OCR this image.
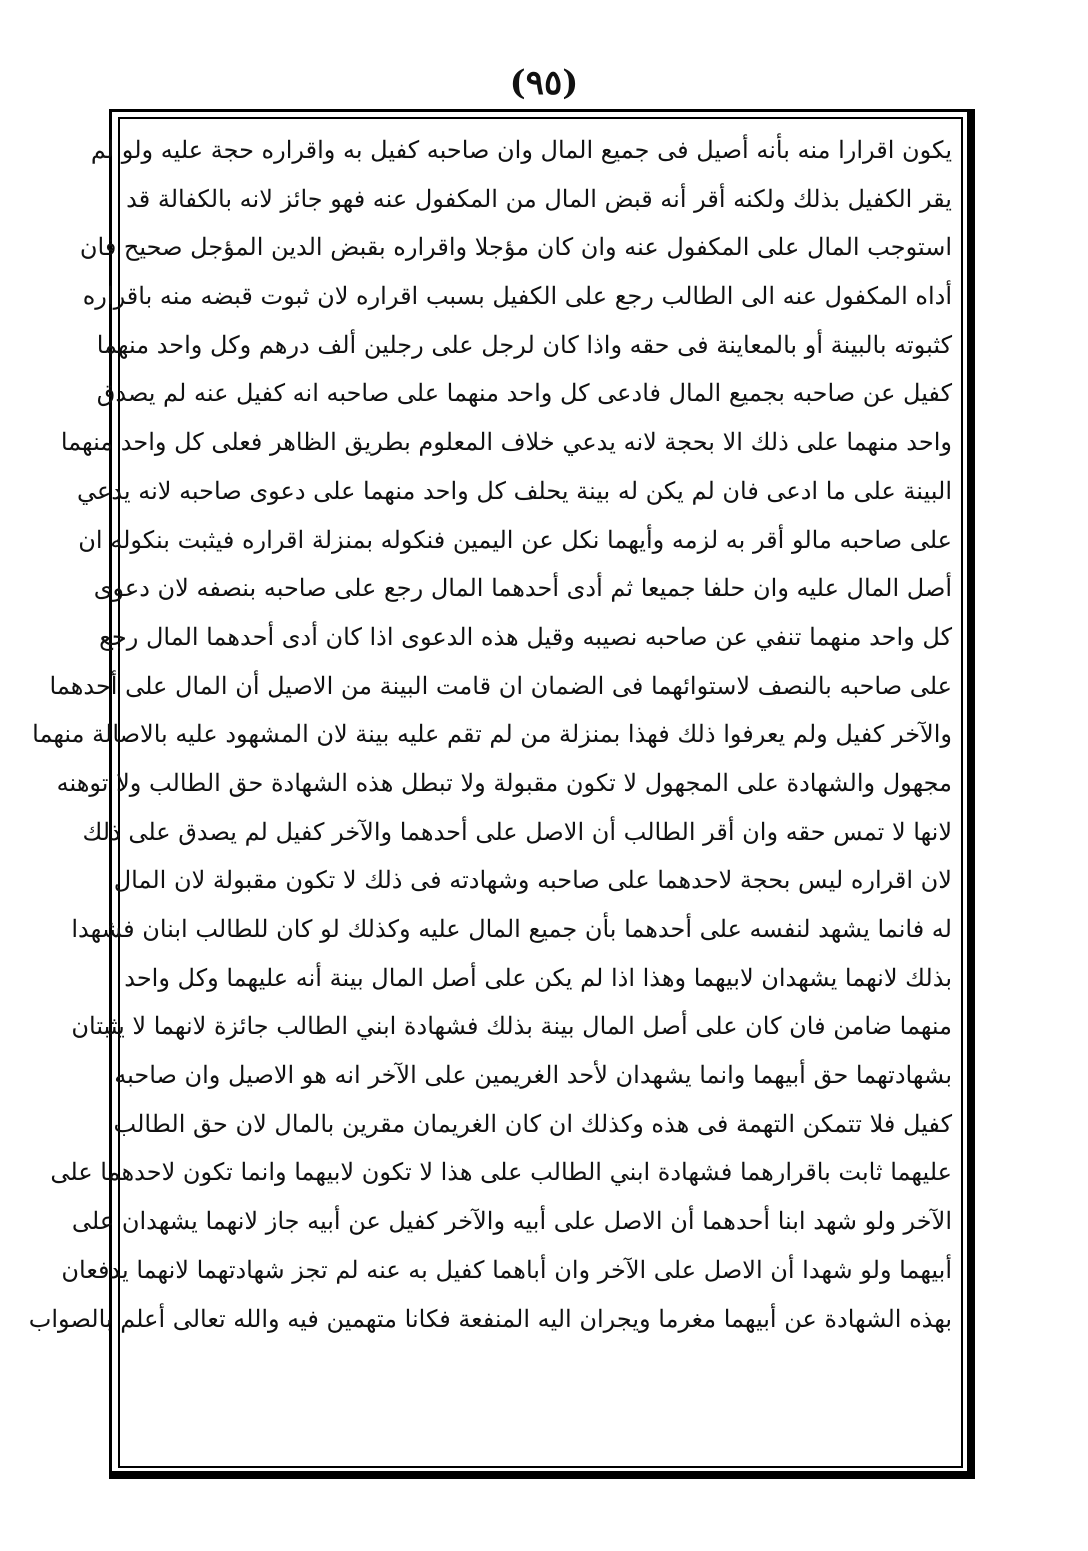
(٩٥)
يكون اقرارا منه بأنه أصيل فى جميع المال وان صاحبه كفيل به واقراره حجة عليه ولو لم
يقر الكفيل بذلك ولكنه أقر أنه قبض المال من المكفول عنه فهو جائز لانه بالكفالة قد
استوجب المال على المكفول عنه وان كان مؤجلا واقراره بقبض الدين المؤجل صحيح فان
أداه المكفول عنه الى الطالب رجع على الكفيل بسبب اقراره لان ثبوت قبضه منه باقراره
كثبوته بالبينة أو بالمعاينة فى حقه واذا كان لرجل على رجلين ألف درهم وكل واحد منهما
كفيل عن صاحبه بجميع المال فادعى كل واحد منهما على صاحبه انه كفيل عنه لم يصدق
واحد منهما على ذلك الا بحجة لانه يدعي خلاف المعلوم بطريق الظاهر فعلى كل واحد منهما
البينة على ما ادعى فان لم يكن له بينة يحلف كل واحد منهما على دعوى صاحبه لانه يدعي
على صاحبه مالو أقر به لزمه وأيهما نكل عن اليمين فنكوله بمنزلة اقراره فيثبت بنكوله ان
أصل المال عليه وان حلفا جميعا ثم أدى أحدهما المال رجع على صاحبه بنصفه لان دعوى
كل واحد منهما تنفي عن صاحبه نصيبه وقيل هذه الدعوى اذا كان أدى أحدهما المال رجع
على صاحبه بالنصف لاستوائهما فى الضمان ان قامت البينة من الاصيل أن المال على أحدهما
والآخر كفيل ولم يعرفوا ذلك فهذا بمنزلة من لم تقم عليه بينة لان المشهود عليه بالاصالة منهما
مجهول والشهادة على المجهول لا تكون مقبولة ولا تبطل هذه الشهادة حق الطالب ولا توهنه
لانها لا تمس حقه وان أقر الطالب أن الاصل على أحدهما والآخر كفيل لم يصدق على ذلك
لان اقراره ليس بحجة لاحدهما على صاحبه وشهادته فى ذلك لا تكون مقبولة لان المال
له فانما يشهد لنفسه على أحدهما بأن جميع المال عليه وكذلك لو كان للطالب ابنان فشهدا
بذلك لانهما يشهدان لابيهما وهذا اذا لم يكن على أصل المال بينة أنه عليهما وكل واحد
منهما ضامن فان كان على أصل المال بينة بذلك فشهادة ابني الطالب جائزة لانهما لا يثبتان
بشهادتهما حق أبيهما وانما يشهدان لأحد الغريمين على الآخر انه هو الاصيل وان صاحبه
كفيل فلا تتمكن التهمة فى هذه وكذلك ان كان الغريمان مقرين بالمال لان حق الطالب
عليهما ثابت باقرارهما فشهادة ابني الطالب على هذا لا تكون لابيهما وانما تكون لاحدهما على
الآخر ولو شهد ابنا أحدهما أن الاصل على أبيه والآخر كفيل عن أبيه جاز لانهما يشهدان على
أبيهما ولو شهدا أن الاصل على الآخر وان أباهما كفيل به عنه لم تجز شهادتهما لانهما يدفعان
بهذه الشهادة عن أبيهما مغرما ويجران اليه المنفعة فكانا متهمين فيه والله تعالى أعلم بالصواب
